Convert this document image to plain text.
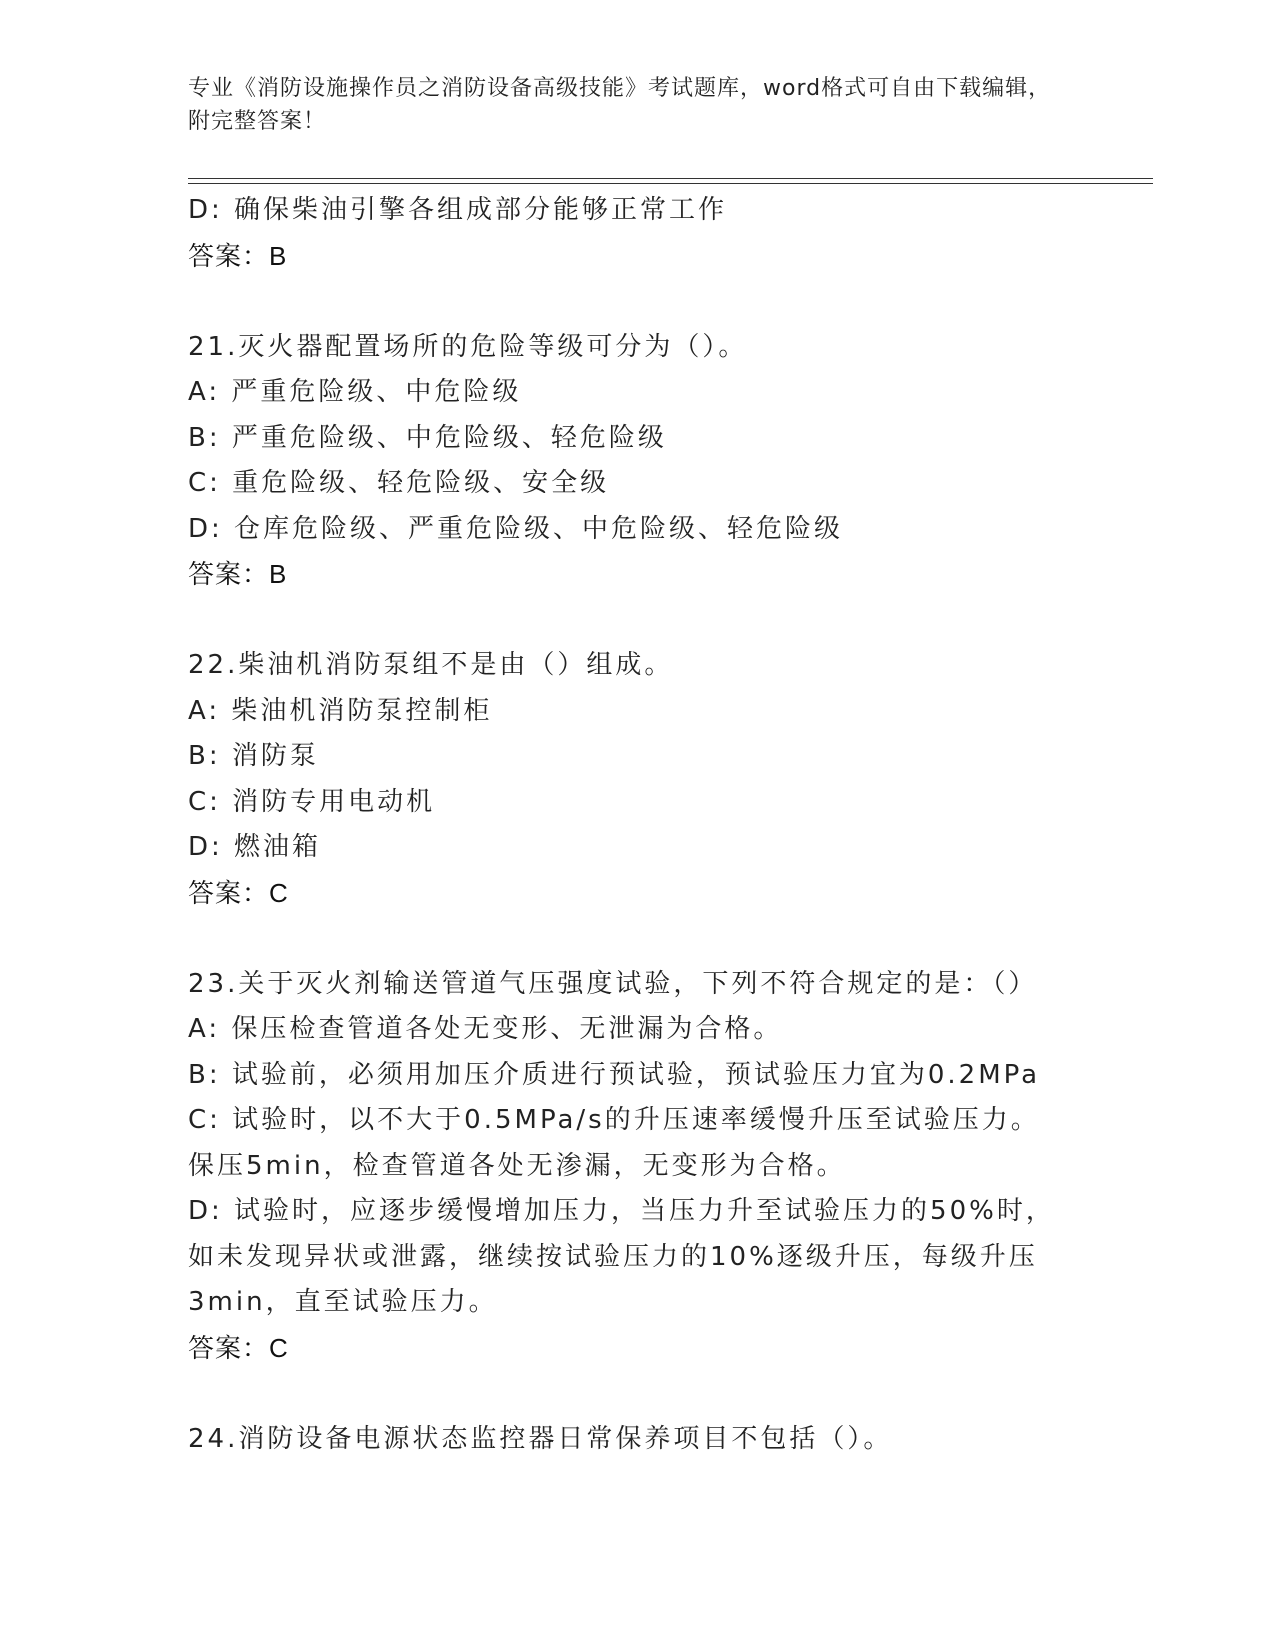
专业《消防设施操作员之消防设备高级技能》考试题库，word格式可自由下载编辑，附完整答案！
D: 确保柴油引擎各组成部分能够正常工作
答案：B
21.灭火器配置场所的危险等级可分为（）。
A: 严重危险级、中危险级
B: 严重危险级、中危险级、轻危险级
C: 重危险级、轻危险级、安全级
D: 仓库危险级、严重危险级、中危险级、轻危险级
答案：B
22.柴油机消防泵组不是由（）组成。
A: 柴油机消防泵控制柜
B: 消防泵
C: 消防专用电动机
D: 燃油箱
答案：C
23.关于灭火剂输送管道气压强度试验，下列不符合规定的是：（）
A: 保压检查管道各处无变形、无泄漏为合格。
B: 试验前，必须用加压介质进行预试验，预试验压力宜为0.2MPa
C: 试验时，以不大于0.5MPa/s的升压速率缓慢升压至试验压力。保压5min，检查管道各处无渗漏，无变形为合格。
D: 试验时，应逐步缓慢增加压力，当压力升至试验压力的50%时，如未发现异状或泄露，继续按试验压力的10%逐级升压，每级升压3min，直至试验压力。
答案：C
24.消防设备电源状态监控器日常保养项目不包括（）。
